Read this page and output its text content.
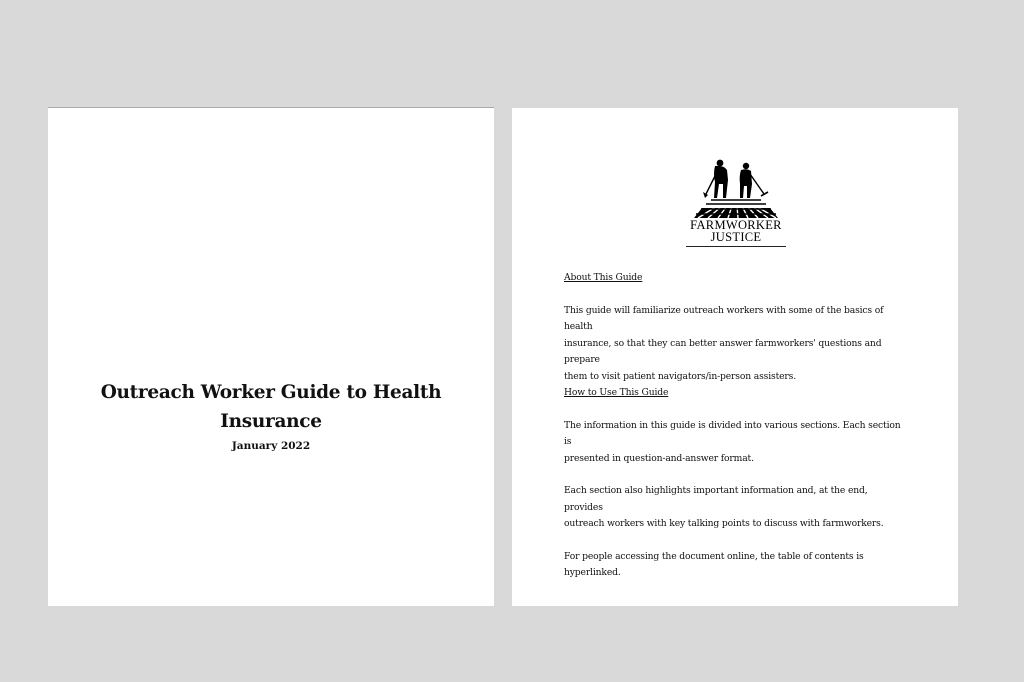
Outreach Worker Guide to Health
Insurance
January 2022
FARMWORKER
JUSTICE
About This Guide
This guide will familiarize outreach workers with some of the basics of health
insurance, so that they can better answer farmworkers' questions and prepare
them to visit patient navigators/in-person assisters.
How to Use This Guide
The information in this guide is divided into various sections. Each section is
presented in question-and-answer format.
Each section also highlights important information and, at the end, provides
outreach workers with key talking points to discuss with farmworkers.
For people accessing the document online, the table of contents is hyperlinked.
